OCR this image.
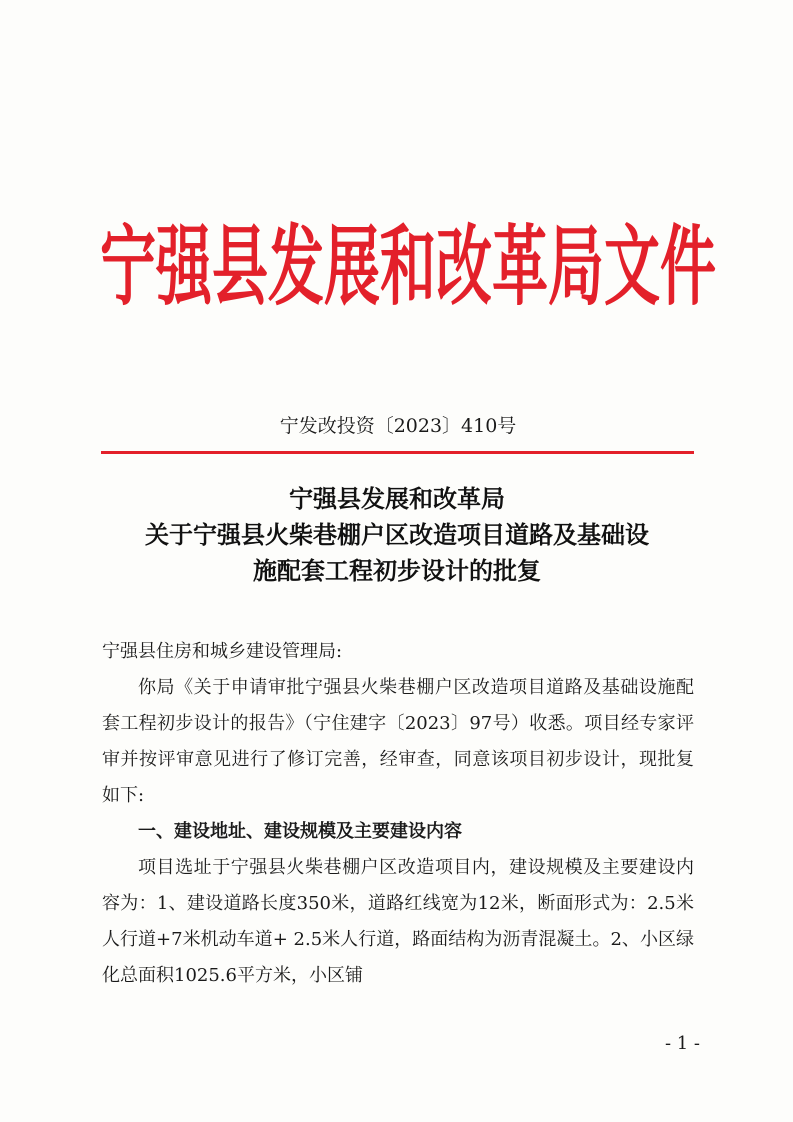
宁强县发展和改革局文件
宁发改投资〔2023〕410号
宁强县发展和改革局
关于宁强县火柴巷棚户区改造项目道路及基础设
施配套工程初步设计的批复

宁强县住房和城乡建设管理局:

你局《关于申请审批宁强县火柴巷棚户区改造项目道路及基础设施配套工程初步设计的报告》（宁住建字〔2023〕97号）收悉。项目经专家评审并按评审意见进行了修订完善，经审查，同意该项目初步设计，现批复如下:

一、建设地址、建设规模及主要建设内容

项目选址于宁强县火柴巷棚户区改造项目内，建设规模及主要建设内容为：1、建设道路长度350米，道路红线宽为12米，断面形式为：2.5米人行道+7米机动车道+ 2.5米人行道，路面结构为沥青混凝土。2、小区绿化总面积1025.6平方米，小区铺

- 1 -
